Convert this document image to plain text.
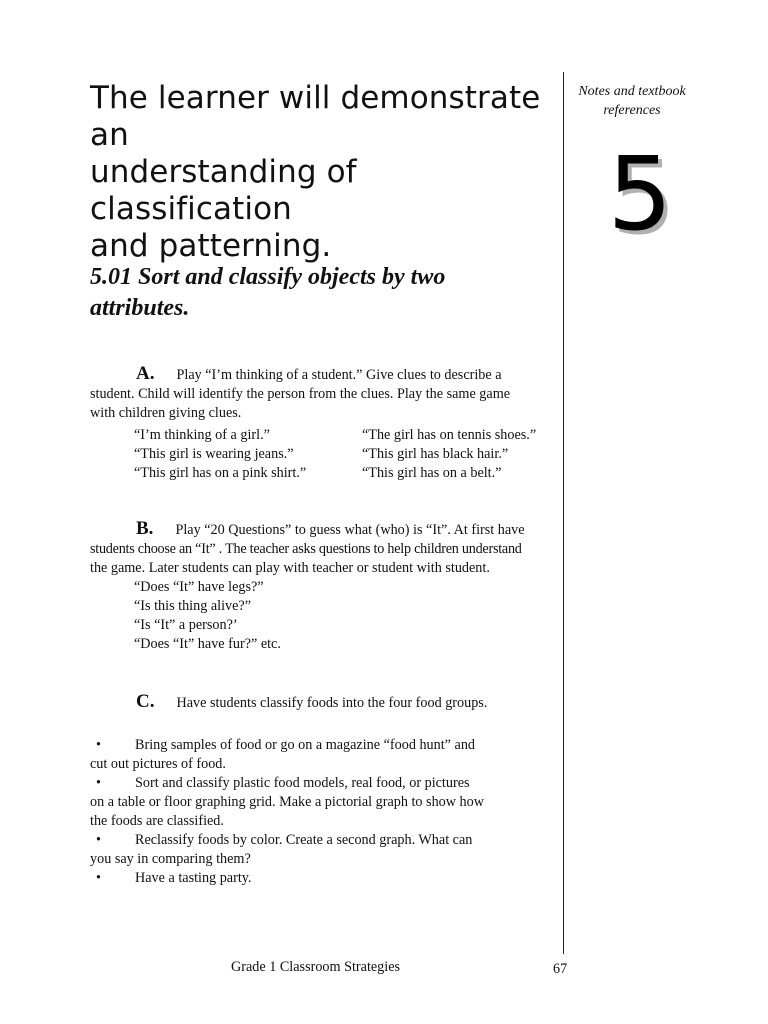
The learner will demonstrate an
understanding of classification
and patterning.
Notes and textbook
references
5
5.01 Sort and classify objects by two
attributes.
A. Play “I’m thinking of a student.” Give clues to describe a
student. Child will identify the person from the clues. Play the same game
with children giving clues.
“I’m thinking of a girl.”	“The girl has on tennis shoes.”
“This girl is wearing jeans.”	“This girl has black hair.”
“This girl has on a pink shirt.”	“This girl has on a belt.”
B. Play “20 Questions” to guess what (who) is “It”. At first have
students choose an “It” . The teacher asks questions to help children understand
the game. Later students can play with teacher or student with student.
“Does “It” have legs?”
“Is this thing alive?”
“Is “It” a person?’
“Does “It” have fur?” etc.
C. Have students classify foods into the four food groups.
• Bring samples of food or go on a magazine “food hunt” and
cut out pictures of food.
• Sort and classify plastic food models, real food, or pictures
on a table or floor graphing grid. Make a pictorial graph to show how
the foods are classified.
• Reclassify foods by color. Create a second graph. What can
you say in comparing them?
• Have a tasting party.
Grade 1 Classroom Strategies	67
